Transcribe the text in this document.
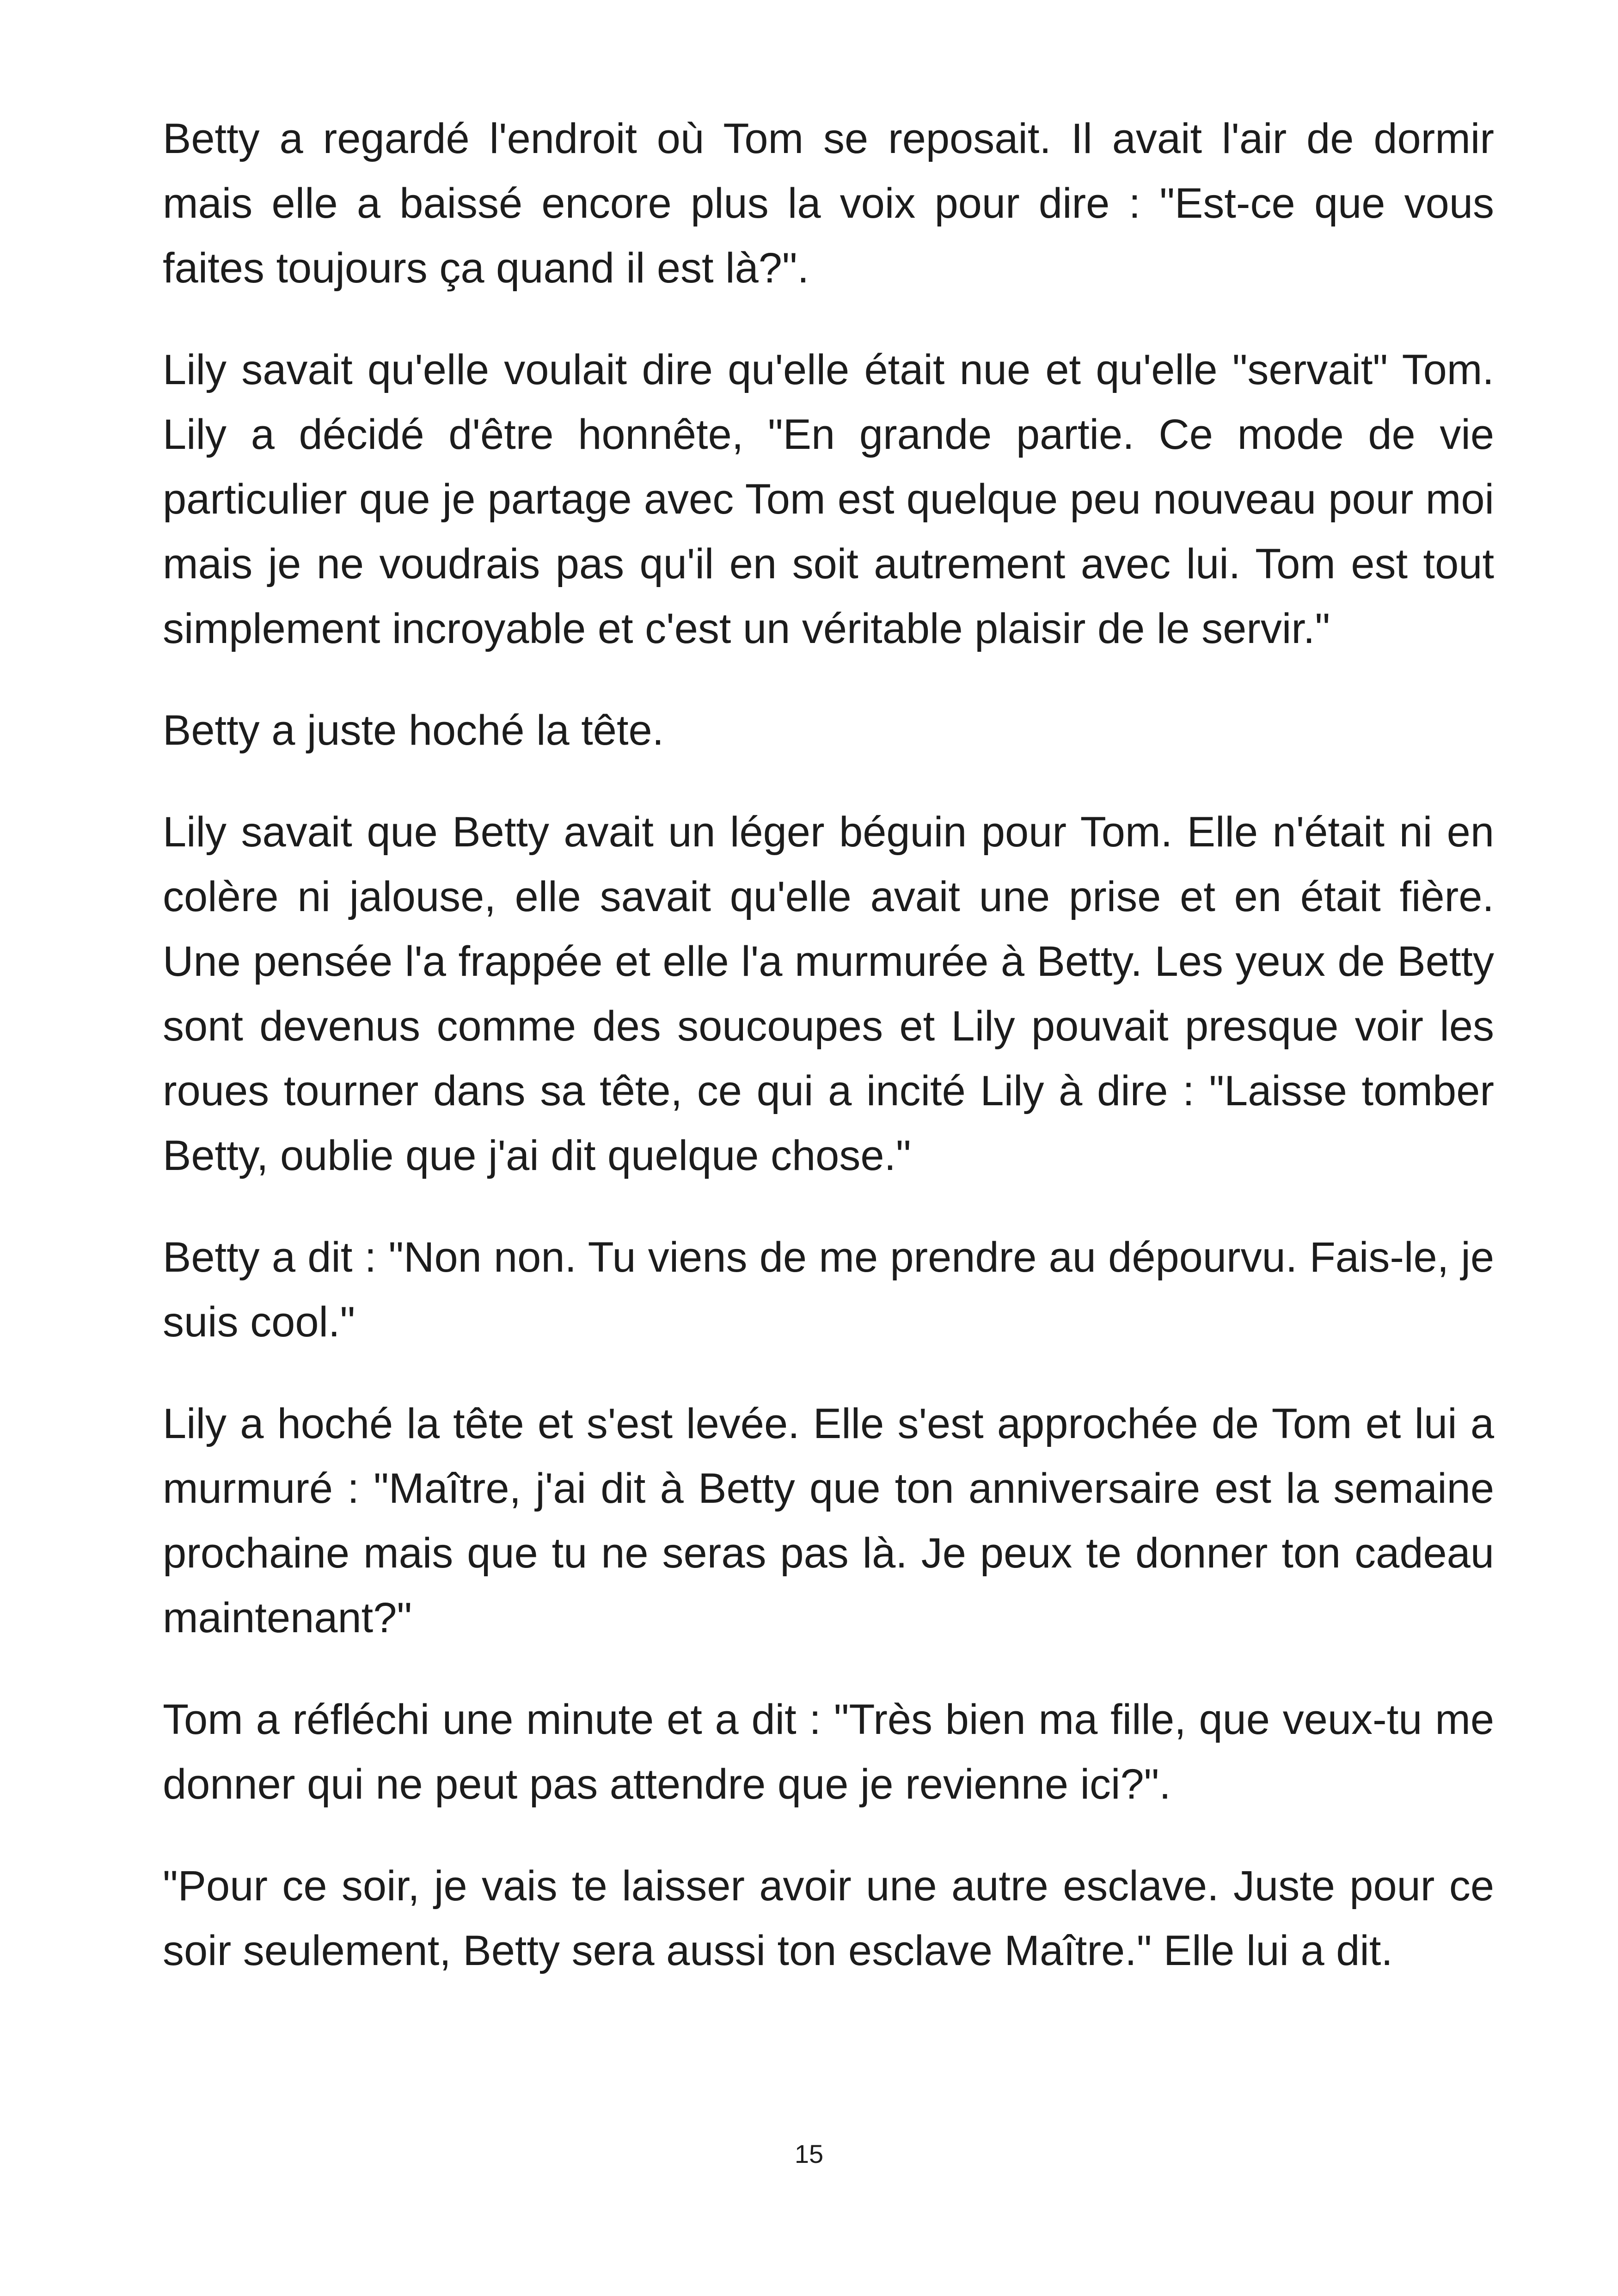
Betty a regardé l'endroit où Tom se reposait. Il avait l'air de dormir mais elle a baissé encore plus la voix pour dire : "Est-ce que vous faites toujours ça quand il est là?".

Lily savait qu'elle voulait dire qu'elle était nue et qu'elle "servait" Tom. Lily a décidé d'être honnête, "En grande partie. Ce mode de vie particulier que je partage avec Tom est quelque peu nouveau pour moi mais je ne voudrais pas qu'il en soit autrement avec lui. Tom est tout simplement incroyable et c'est un véritable plaisir de le servir."

Betty a juste hoché la tête.

Lily savait que Betty avait un léger béguin pour Tom. Elle n'était ni en colère ni jalouse, elle savait qu'elle avait une prise et en était fière. Une pensée l'a frappée et elle l'a murmurée à Betty. Les yeux de Betty sont devenus comme des soucoupes et Lily pouvait presque voir les roues tourner dans sa tête, ce qui a incité Lily à dire : "Laisse tomber Betty, oublie que j'ai dit quelque chose."

Betty a dit : "Non non. Tu viens de me prendre au dépourvu. Fais-le, je suis cool."

Lily a hoché la tête et s'est levée. Elle s'est approchée de Tom et lui a murmuré : "Maître, j'ai dit à Betty que ton anniversaire est la semaine prochaine mais que tu ne seras pas là. Je peux te donner ton cadeau maintenant?"

Tom a réfléchi une minute et a dit : "Très bien ma fille, que veux-tu me donner qui ne peut pas attendre que je revienne ici?".

"Pour ce soir, je vais te laisser avoir une autre esclave. Juste pour ce soir seulement, Betty sera aussi ton esclave Maître." Elle lui a dit.

15
